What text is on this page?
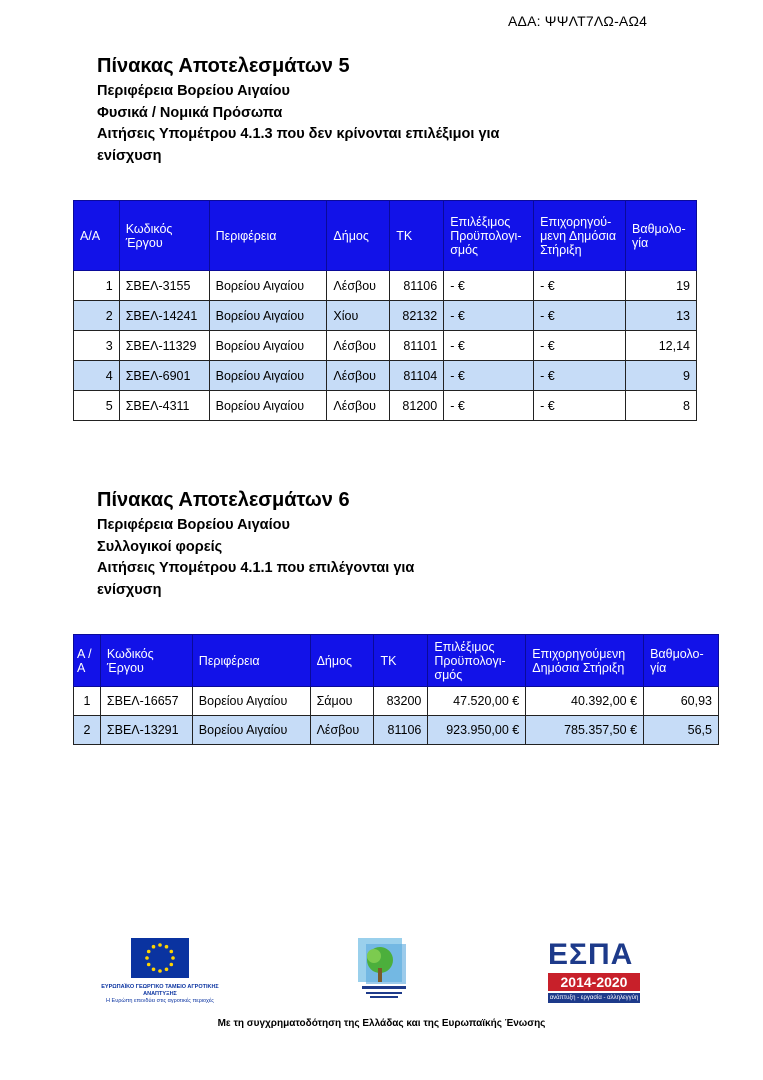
ΑΔΑ: ΨΨΛΤ7ΛΩ-ΑΩ4
Πίνακας Αποτελεσμάτων 5
Περιφέρεια Βορείου Αιγαίου
Φυσικά / Νομικά Πρόσωπα
Αιτήσεις Υπομέτρου 4.1.3 που δεν κρίνονται επιλέξιμοι για ενίσχυση
Α/Α	Κωδικός Έργου	Περιφέρεια	Δήμος	ΤΚ	Επιλέξιμος Προϋπολογι-σμός	Επιχορηγού-μενη Δημόσια Στήριξη	Βαθμολο-γία
1	ΣΒΕΛ-3155	Βορείου Αιγαίου	Λέσβου	81106	- €	- €	19
2	ΣΒΕΛ-14241	Βορείου Αιγαίου	Χίου	82132	- €	- €	13
3	ΣΒΕΛ-11329	Βορείου Αιγαίου	Λέσβου	81101	- €	- €	12,14
4	ΣΒΕΛ-6901	Βορείου Αιγαίου	Λέσβου	81104	- €	- €	9
5	ΣΒΕΛ-4311	Βορείου Αιγαίου	Λέσβου	81200	- €	- €	8
Πίνακας Αποτελεσμάτων 6
Περιφέρεια Βορείου Αιγαίου
Συλλογικοί φορείς
Αιτήσεις Υπομέτρου 4.1.1 που επιλέγονται για ενίσχυση
Α / Α	Κωδικός Έργου	Περιφέρεια	Δήμος	ΤΚ	Επιλέξιμος Προϋπολογι-σμός	Επιχορηγούμενη Δημόσια Στήριξη	Βαθμολο-γία
1	ΣΒΕΛ-16657	Βορείου Αιγαίου	Σάμου	83200	47.520,00 €	40.392,00 €	60,93
2	ΣΒΕΛ-13291	Βορείου Αιγαίου	Λέσβου	81106	923.950,00 €	785.357,50 €	56,5
ΕΥΡΩΠΑΪΚΟ ΓΕΩΡΓΙΚΟ ΤΑΜΕΙΟ ΑΓΡΟΤΙΚΗΣ ΑΝΑΠΤΥΞΗΣ
Η Ευρώπη επενδύει στις αγροτικές περιοχές
ΕΣΠΑ
2014-2020
ανάπτυξη - εργασία - αλληλεγγύη
Με τη συγχρηματοδότηση της Ελλάδας και της Ευρωπαϊκής Ένωσης
